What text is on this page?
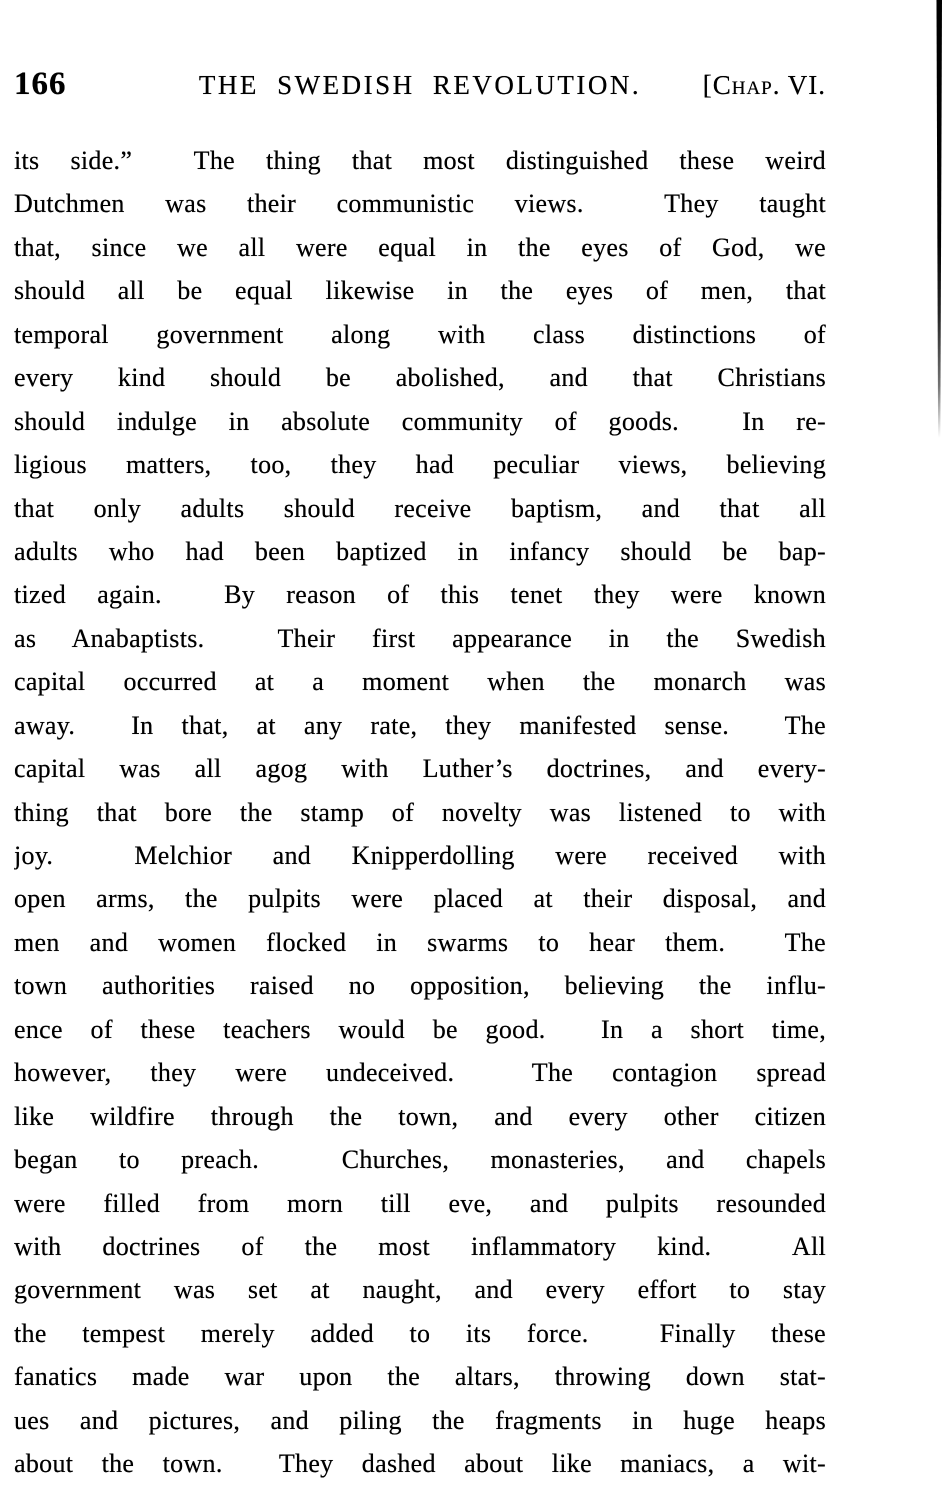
166	THE SWEDISH REVOLUTION.	[Chap. VI.
its side.”  The thing that most distinguished these weird
Dutchmen was their communistic views.  They taught
that, since we all were equal in the eyes of God, we
should all be equal likewise in the eyes of men, that
temporal government along with class distinctions of
every kind should be abolished, and that Christians
should indulge in absolute community of goods.  In re-
ligious matters, too, they had peculiar views, believing
that only adults should receive baptism, and that all
adults who had been baptized in infancy should be bap-
tized again.  By reason of this tenet they were known
as Anabaptists.  Their first appearance in the Swedish
capital occurred at a moment when the monarch was
away.  In that, at any rate, they manifested sense.  The
capital was all agog with Luther’s doctrines, and every-
thing that bore the stamp of novelty was listened to with
joy.  Melchior and Knipperdolling were received with
open arms, the pulpits were placed at their disposal, and
men and women flocked in swarms to hear them.  The
town authorities raised no opposition, believing the influ-
ence of these teachers would be good.  In a short time,
however, they were undeceived.  The contagion spread
like wildfire through the town, and every other citizen
began to preach.  Churches, monasteries, and chapels
were filled from morn till eve, and pulpits resounded
with doctrines of the most inflammatory kind.  All
government was set at naught, and every effort to stay
the tempest merely added to its force.  Finally these
fanatics made war upon the altars, throwing down stat-
ues and pictures, and piling the fragments in huge heaps
about the town.  They dashed about like maniacs, a wit-
